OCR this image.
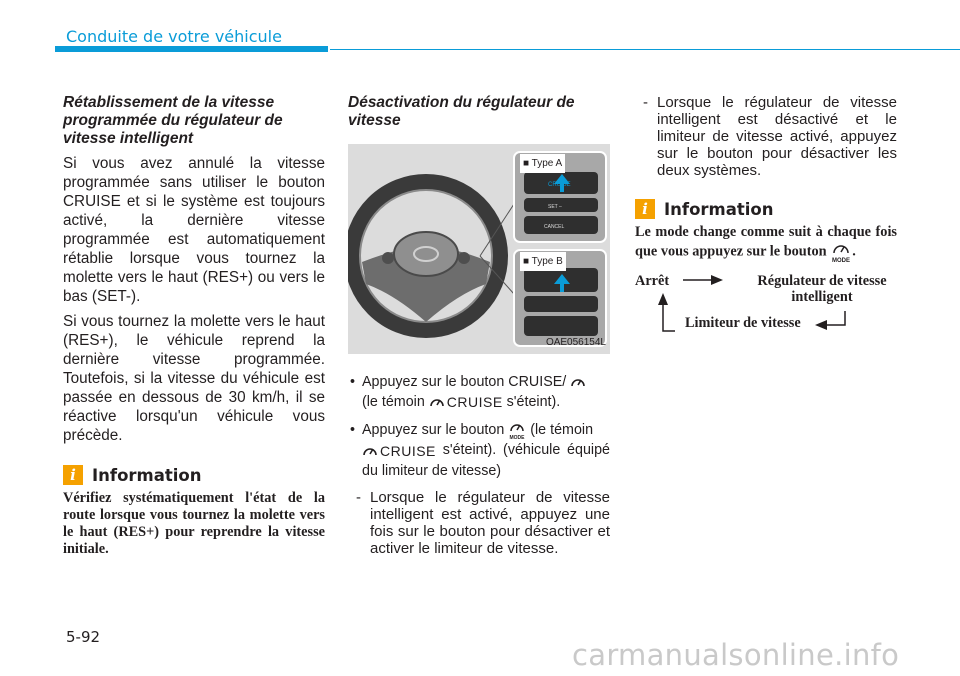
Conduite de votre véhicule
Rétablissement de la vitesse programmée du régulateur de vitesse intelligent

Si vous avez annulé la vitesse programmée sans utiliser le bouton CRUISE et si le système est toujours activé, la dernière vitesse programmée est automatiquement rétablie lorsque vous tournez la molette vers le haut (RES+) ou vers le bas (SET-).

Si vous tournez la molette vers le haut (RES+), le véhicule reprend la dernière vitesse programmée. Toutefois, si la vitesse du véhicule est passée en dessous de 30 km/h, il se réactive lorsqu'un véhicule vous précède.

i Information

Vérifiez systématiquement l'état de la route lorsque vous tournez la molette vers le haut (RES+) pour reprendre la vitesse initiale.

Désactivation du régulateur de vitesse
CRUISE
SET –
CANCEL
■ Type A
■ Type B
OAE056154L
• Appuyez sur le bouton CRUISE/
(le témoin CRUISE s'éteint).
• Appuyez sur le bouton
MODE
(le témoin
CRUISE s'éteint). (véhicule équipé du limiteur de vitesse)

- Lorsque le régulateur de vitesse intelligent est activé, appuyez une fois sur le bouton pour désactiver et activer le limiteur de vitesse.

- Lorsque le régulateur de vitesse intelligent est désactivé et le limiteur de vitesse activé, appuyez sur le bouton pour désactiver les deux systèmes.

i Information

Le mode change comme suit à chaque fois que vous appuyez sur le bouton
MODE
.

Arrêt	Régulateur de vitesse intelligent
Limiteur de vitesse
5-92
carmanualsonline.info
